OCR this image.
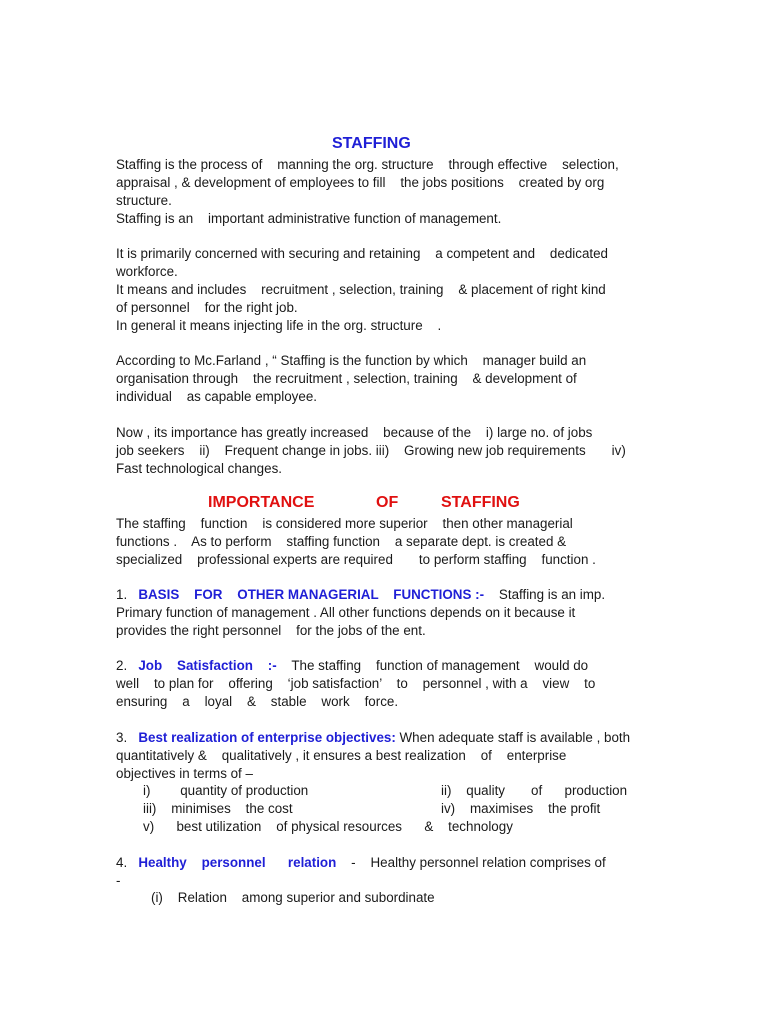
STAFFING
Staffing is the process of    manning the org. structure    through effective    selection,
appraisal , & development of employees to fill    the jobs positions    created by org
structure.
Staffing is an    important administrative function of management.
It is primarily concerned with securing and retaining    a competent and    dedicated
workforce.
It means and includes    recruitment , selection, training    & placement of right kind
of personnel    for the right job.
In general it means injecting life in the org. structure    .
According to Mc.Farland , “ Staffing is the function by which    manager build an
organisation through    the recruitment , selection, training    & development of
individual    as capable employee.
Now , its importance has greatly increased    because of the    i) large no. of jobs
job seekers    ii)    Frequent change in jobs. iii)    Growing new job requirements       iv)
Fast technological changes.
IMPORTANCE	OF	STAFFING
The staffing    function    is considered more superior    then other managerial
functions .    As to perform    staffing function    a separate dept. is created &
specialized    professional experts are required       to perform staffing    function .
1. BASIS    FOR    OTHER MANAGERIAL    FUNCTIONS :-    Staffing is an imp.
Primary function of management . All other functions depends on it because it
provides the right personnel    for the jobs of the ent.
2. Job    Satisfaction    :-    The staffing    function of management    would do
well    to plan for    offering    ‘job satisfaction’    to    personnel , with a    view    to
ensuring    a    loyal    &    stable    work    force.
3. Best realization of enterprise objectives: When adequate staff is available , both
quantitatively &    qualitatively , it ensures a best realization    of    enterprise
objectives in terms of –
i)        quantity of production	ii)    quality       of      production
iii)    minimises    the cost	iv)    maximises    the profit
v)      best utilization    of physical resources      &    technology
4. Healthy    personnel      relation    -    Healthy personnel relation comprises of
-
(i)    Relation    among superior and subordinate
